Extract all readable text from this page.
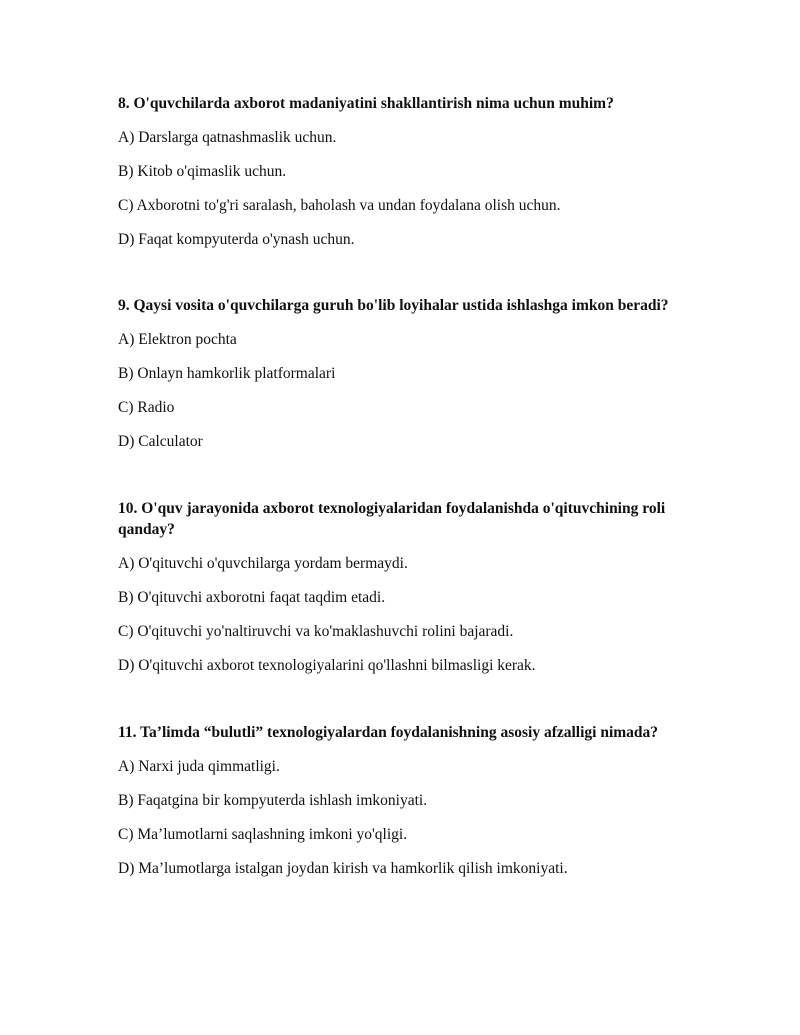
8. O'quvchilarda axborot madaniyatini shakllantirish nima uchun muhim?

A) Darslarga qatnashmaslik uchun.

B) Kitob o'qimaslik uchun.

C) Axborotni to'g'ri saralash, baholash va undan foydalana olish uchun.

D) Faqat kompyuterda o'ynash uchun.

9. Qaysi vosita o'quvchilarga guruh bo'lib loyihalar ustida ishlashga imkon beradi?

A) Elektron pochta

B) Onlayn hamkorlik platformalari

C) Radio

D) Calculator

10. O'quv jarayonida axborot texnologiyalaridan foydalanishda o'qituvchining roli qanday?

A) O'qituvchi o'quvchilarga yordam bermaydi.

B) O'qituvchi axborotni faqat taqdim etadi.

C) O'qituvchi yo'naltiruvchi va ko'maklashuvchi rolini bajaradi.

D) O'qituvchi axborot texnologiyalarini qo'llashni bilmasligi kerak.

11. Ta’limda “bulutli” texnologiyalardan foydalanishning asosiy afzalligi nimada?

A) Narxi juda qimmatligi.

B) Faqatgina bir kompyuterda ishlash imkoniyati.

C) Ma’lumotlarni saqlashning imkoni yo'qligi.

D) Ma’lumotlarga istalgan joydan kirish va hamkorlik qilish imkoniyati.
